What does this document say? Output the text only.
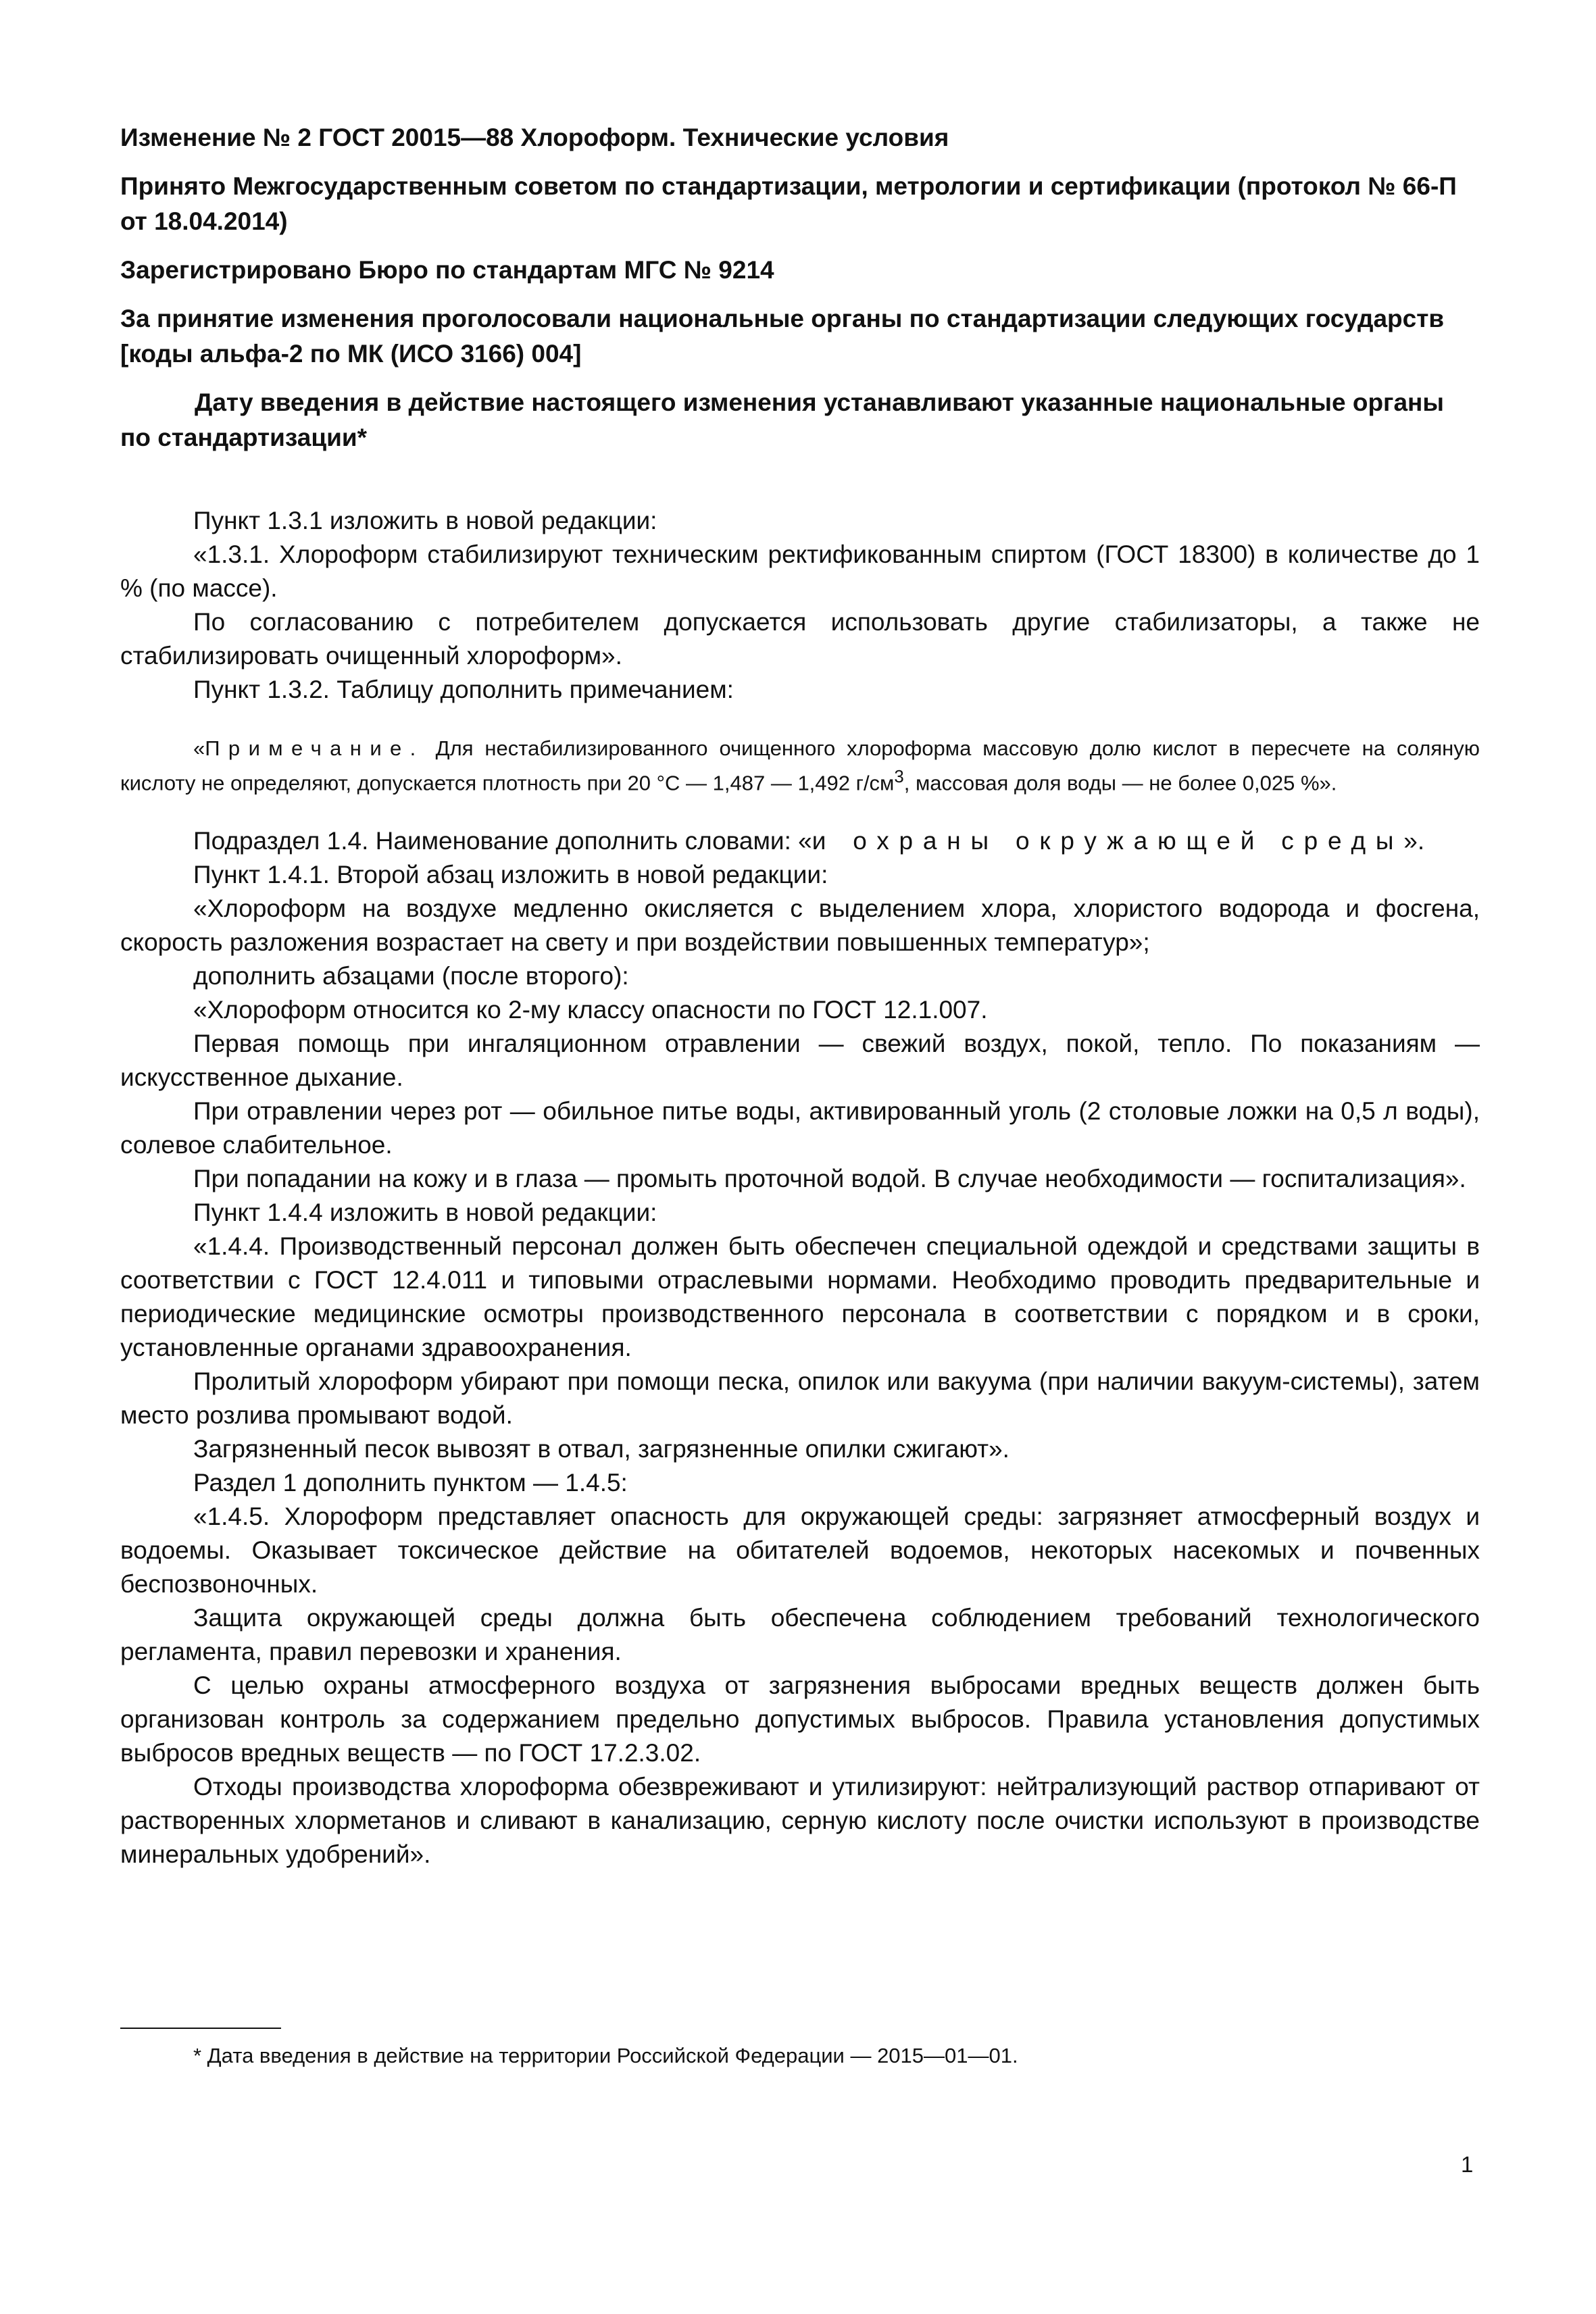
Изменение № 2 ГОСТ 20015—88 Хлороформ. Технические условия
Принято Межгосударственным советом по стандартизации, метрологии и сертификации (протокол № 66-П от 18.04.2014)
Зарегистрировано Бюро по стандартам МГС № 9214
За принятие изменения проголосовали национальные органы по стандартизации следующих государств [коды альфа-2 по МК (ИСО 3166) 004]
Дату введения в действие настоящего изменения устанавливают указанные национальные органы по стандартизации*

Пункт 1.3.1 изложить в новой редакции:

«1.3.1. Хлороформ стабилизируют техническим ректификованным спиртом (ГОСТ 18300) в количестве до 1 % (по массе).

По согласованию с потребителем допускается использовать другие стабилизаторы, а также не стабилизировать очищенный хлороформ».

Пункт 1.3.2. Таблицу дополнить примечанием:

«Примечание. Для нестабилизированного очищенного хлороформа массовую долю кислот в пересчете на соляную кислоту не определяют, допускается плотность при 20 °С — 1,487 — 1,492 $г/см^3$, массовая доля воды — не более 0,025 %».

Подраздел 1.4. Наименование дополнить словами: «и охраны окружающей среды».

Пункт 1.4.1. Второй абзац изложить в новой редакции:

«Хлороформ на воздухе медленно окисляется с выделением хлора, хлористого водорода и фосгена, скорость разложения возрастает на свету и при воздействии повышенных температур»;

дополнить абзацами (после второго):

«Хлороформ относится ко 2-му классу опасности по ГОСТ 12.1.007.

Первая помощь при ингаляционном отравлении — свежий воздух, покой, тепло. По показаниям — искусственное дыхание.

При отравлении через рот — обильное питье воды, активированный уголь (2 столовые ложки на 0,5 л воды), солевое слабительное.

При попадании на кожу и в глаза — промыть проточной водой. В случае необходимости — госпитализация».

Пункт 1.4.4 изложить в новой редакции:

«1.4.4. Производственный персонал должен быть обеспечен специальной одеждой и средствами защиты в соответствии с ГОСТ 12.4.011 и типовыми отраслевыми нормами. Необходимо проводить предварительные и периодические медицинские осмотры производственного персонала в соответствии с порядком и в сроки, установленные органами здравоохранения.

Пролитый хлороформ убирают при помощи песка, опилок или вакуума (при наличии вакуум-системы), затем место розлива промывают водой.

Загрязненный песок вывозят в отвал, загрязненные опилки сжигают».

Раздел 1 дополнить пунктом — 1.4.5:

«1.4.5. Хлороформ представляет опасность для окружающей среды: загрязняет атмосферный воздух и водоемы. Оказывает токсическое действие на обитателей водоемов, некоторых насекомых и почвенных беспозвоночных.

Защита окружающей среды должна быть обеспечена соблюдением требований технологического регламента, правил перевозки и хранения.

С целью охраны атмосферного воздуха от загрязнения выбросами вредных веществ должен быть организован контроль за содержанием предельно допустимых выбросов. Правила установления допустимых выбросов вредных веществ — по ГОСТ 17.2.3.02.

Отходы производства хлороформа обезвреживают и утилизируют: нейтрализующий раствор отпаривают от растворенных хлорметанов и сливают в канализацию, серную кислоту после очистки используют в производстве минеральных удобрений».

* Дата введения в действие на территории Российской Федерации — 2015—01—01.
1
